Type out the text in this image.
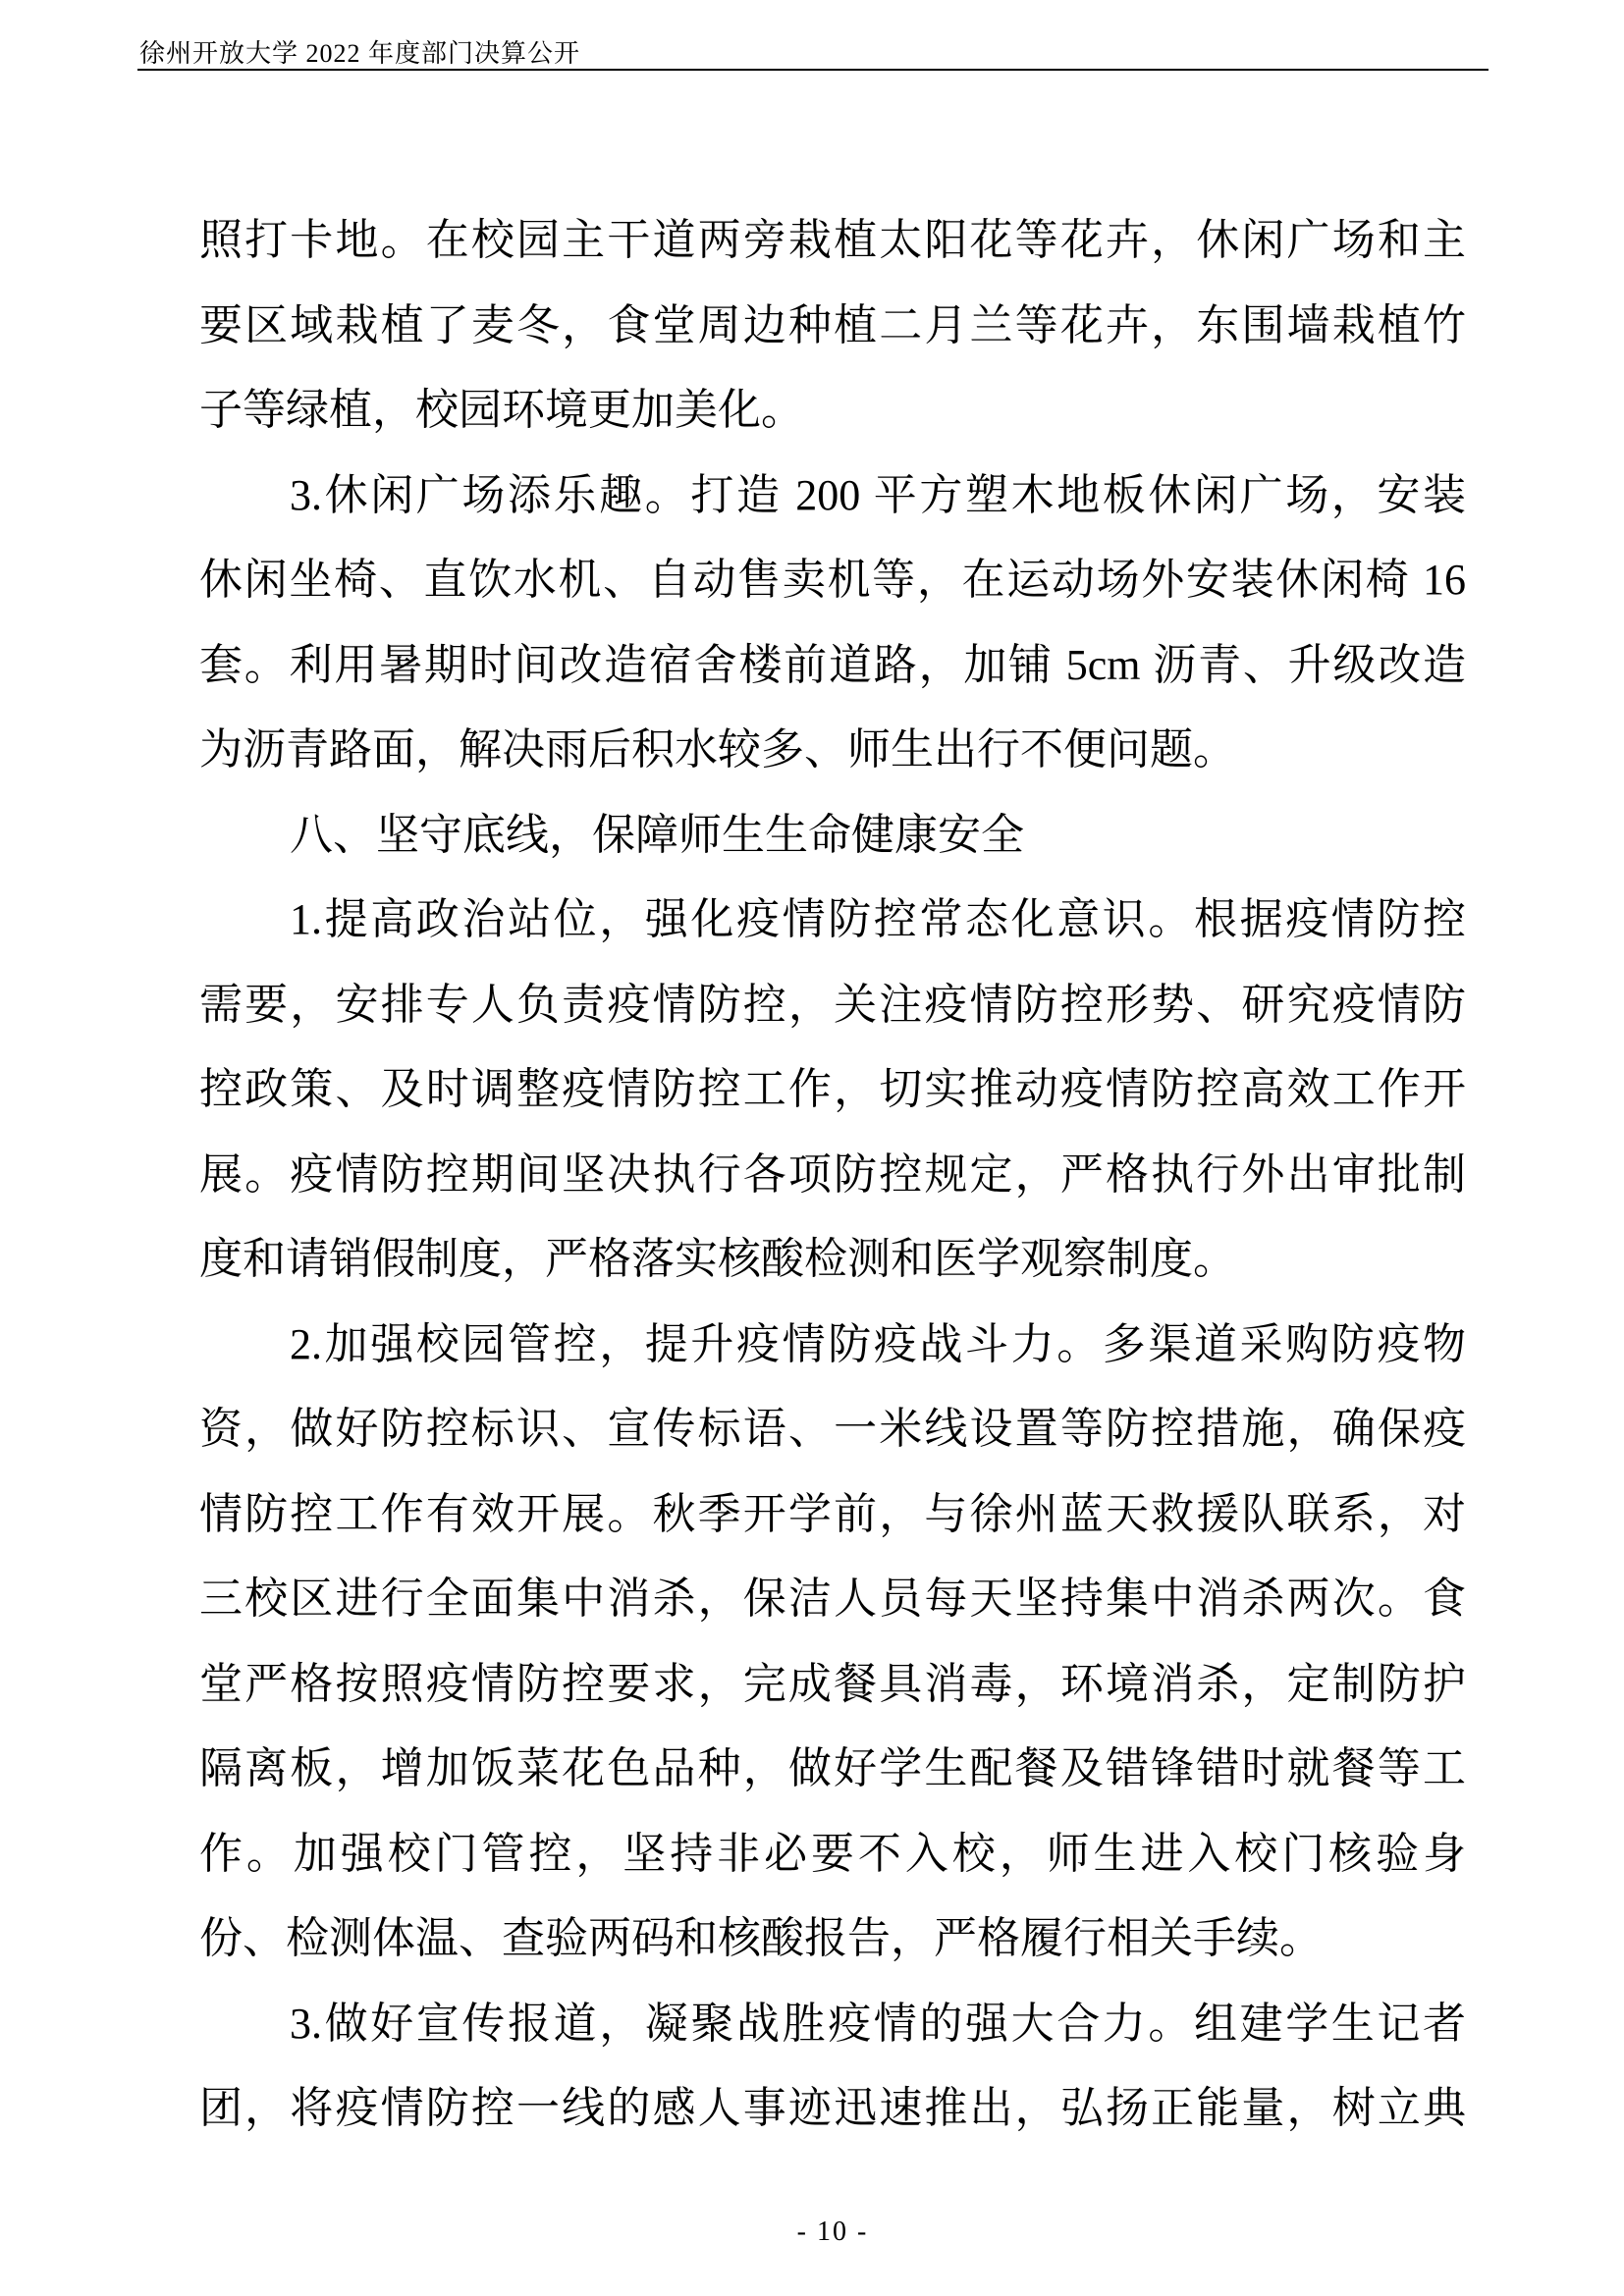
徐州开放大学 2022 年度部门决算公开
照打卡地。在校园主干道两旁栽植太阳花等花卉，休闲广场和主
要区域栽植了麦冬，食堂周边种植二月兰等花卉，东围墙栽植竹
子等绿植，校园环境更加美化。
3.休闲广场添乐趣。打造 200 平方塑木地板休闲广场，安装
休闲坐椅、直饮水机、自动售卖机等，在运动场外安装休闲椅 16
套。利用暑期时间改造宿舍楼前道路，加铺 5cm 沥青、升级改造
为沥青路面，解决雨后积水较多、师生出行不便问题。
八、坚守底线，保障师生生命健康安全
1.提高政治站位，强化疫情防控常态化意识。根据疫情防控
需要，安排专人负责疫情防控，关注疫情防控形势、研究疫情防
控政策、及时调整疫情防控工作，切实推动疫情防控高效工作开
展。疫情防控期间坚决执行各项防控规定，严格执行外出审批制
度和请销假制度，严格落实核酸检测和医学观察制度。
2.加强校园管控，提升疫情防疫战斗力。多渠道采购防疫物
资，做好防控标识、宣传标语、一米线设置等防控措施，确保疫
情防控工作有效开展。秋季开学前，与徐州蓝天救援队联系，对
三校区进行全面集中消杀，保洁人员每天坚持集中消杀两次。食
堂严格按照疫情防控要求，完成餐具消毒，环境消杀，定制防护
隔离板，增加饭菜花色品种，做好学生配餐及错锋错时就餐等工
作。加强校门管控，坚持非必要不入校，师生进入校门核验身
份、检测体温、查验两码和核酸报告，严格履行相关手续。
3.做好宣传报道，凝聚战胜疫情的强大合力。组建学生记者
团，将疫情防控一线的感人事迹迅速推出，弘扬正能量，树立典
- 10 -
